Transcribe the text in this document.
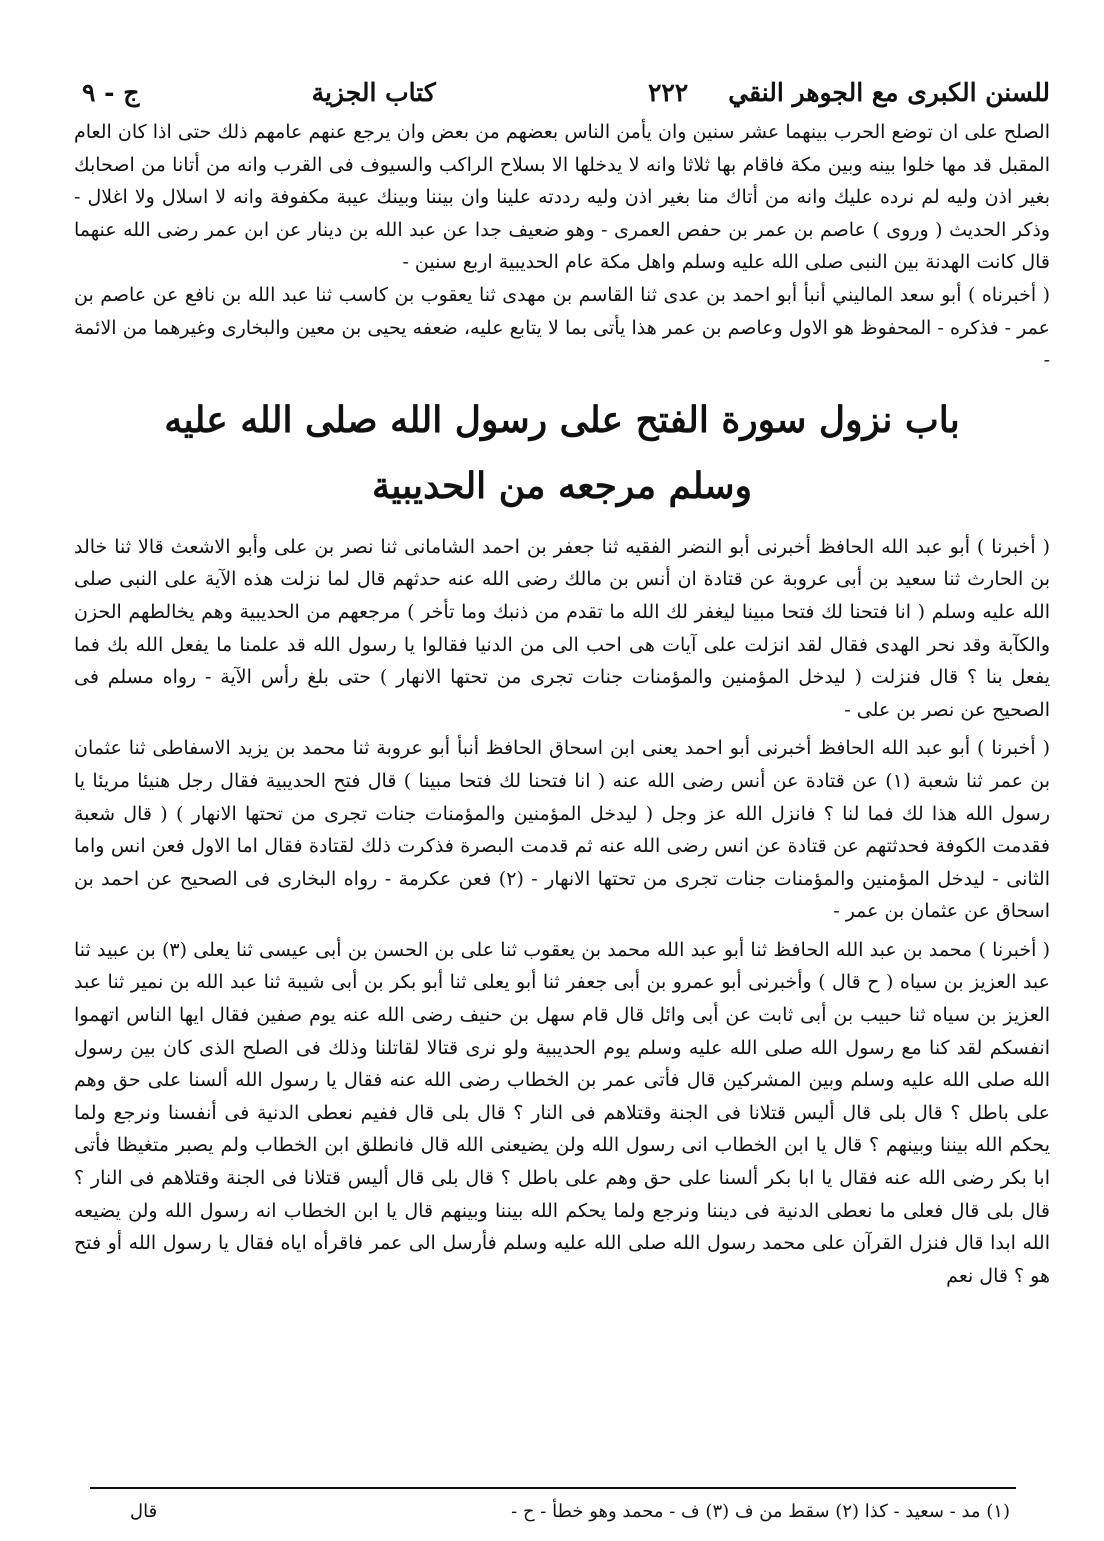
للسنن الكبرى مع الجوهر النقي
٢٢٢
كتاب الجزية
ج - ٩

الصلح على ان توضع الحرب بينهما عشر سنين وان يأمن الناس بعضهم من بعض وان يرجع عنهم عامهم ذلك حتى اذا كان العام المقبل قد مها خلوا بينه وبين مكة فاقام بها ثلاثا وانه لا يدخلها الا بسلاح الراكب والسيوف فى القرب وانه من أتانا من اصحابك بغير اذن وليه لم نرده عليك وانه من أتاك منا بغير اذن وليه رددته علينا وان بيننا وبينك عيبة مكفوفة وانه لا اسلال ولا اغلال - وذكر الحديث ( وروى ) عاصم بن عمر بن حفص العمرى - وهو ضعيف جدا عن عبد الله بن دينار عن ابن عمر رضى الله عنهما قال كانت الهدنة بين النبى صلى الله عليه وسلم واهل مكة عام الحديبية اربع سنين -

( أخبرناه ) أبو سعد الماليني أنبأ أبو احمد بن عدى ثنا القاسم بن مهدى ثنا يعقوب بن كاسب ثنا عبد الله بن نافع عن عاصم بن عمر - فذكره - المحفوظ هو الاول وعاصم بن عمر هذا يأتى بما لا يتابع عليه، ضعفه يحيى بن معين والبخارى وغيرهما من الائمة -

باب نزول سورة الفتح على رسول الله صلى الله عليه
وسلم مرجعه من الحديبية

( أخبرنا ) أبو عبد الله الحافظ أخبرنى أبو النضر الفقيه ثنا جعفر بن احمد الشامانى ثنا نصر بن على وأبو الاشعث قالا ثنا خالد بن الحارث ثنا سعيد بن أبى عروبة عن قتادة ان أنس بن مالك رضى الله عنه حدثهم قال لما نزلت هذه الآية على النبى صلى الله عليه وسلم ( انا فتحنا لك فتحا مبينا ليغفر لك الله ما تقدم من ذنبك وما تأخر ) مرجعهم من الحديبية وهم يخالطهم الحزن والكآبة وقد نحر الهدى فقال لقد انزلت على آيات هى احب الى من الدنيا فقالوا يا رسول الله قد علمنا ما يفعل الله بك فما يفعل بنا ؟ قال فنزلت ( ليدخل المؤمنين والمؤمنات جنات تجرى من تحتها الانهار ) حتى بلغ رأس الآية - رواه مسلم فى الصحيح عن نصر بن على -

( أخبرنا ) أبو عبد الله الحافظ أخبرنى أبو احمد يعنى ابن اسحاق الحافظ أنبأ أبو عروبة ثنا محمد بن يزيد الاسفاطى ثنا عثمان بن عمر ثنا شعبة (١) عن قتادة عن أنس رضى الله عنه ( انا فتحنا لك فتحا مبينا ) قال فتح الحديبية فقال رجل هنيئا مريئا يا رسول الله هذا لك فما لنا ؟ فانزل الله عز وجل ( ليدخل المؤمنين والمؤمنات جنات تجرى من تحتها الانهار ) ( قال شعبة فقدمت الكوفة فحدثتهم عن قتادة عن انس رضى الله عنه ثم قدمت البصرة فذكرت ذلك لقتادة فقال اما الاول فعن انس واما الثانى - ليدخل المؤمنين والمؤمنات جنات تجرى من تحتها الانهار - (٢) فعن عكرمة - رواه البخارى فى الصحيح عن احمد بن اسحاق عن عثمان بن عمر -

( أخبرنا ) محمد بن عبد الله الحافظ ثنا أبو عبد الله محمد بن يعقوب ثنا على بن الحسن بن أبى عيسى ثنا يعلى (٣) بن عبيد ثنا عبد العزيز بن سياه ( ح قال ) وأخبرنى أبو عمرو بن أبى جعفر ثنا أبو يعلى ثنا أبو بكر بن أبى شيبة ثنا عبد الله بن نمير ثنا عبد العزيز بن سياه ثنا حبيب بن أبى ثابت عن أبى وائل قال قام سهل بن حنيف رضى الله عنه يوم صفين فقال ايها الناس اتهموا انفسكم لقد كنا مع رسول الله صلى الله عليه وسلم يوم الحديبية ولو نرى قتالا لقاتلنا وذلك فى الصلح الذى كان بين رسول الله صلى الله عليه وسلم وبين المشركين قال فأتى عمر بن الخطاب رضى الله عنه فقال يا رسول الله ألسنا على حق وهم على باطل ؟ قال بلى قال أليس قتلانا فى الجنة وقتلاهم فى النار ؟ قال بلى قال ففيم نعطى الدنية فى أنفسنا ونرجع ولما يحكم الله بيننا وبينهم ؟ قال يا ابن الخطاب انى رسول الله ولن يضيعنى الله قال فانطلق ابن الخطاب ولم يصبر متغيظا فأتى ابا بكر رضى الله عنه فقال يا ابا بكر ألسنا على حق وهم على باطل ؟ قال بلى قال أليس قتلانا فى الجنة وقتلاهم فى النار ؟ قال بلى قال فعلى ما نعطى الدنية فى ديننا ونرجع ولما يحكم الله بيننا وبينهم قال يا ابن الخطاب انه رسول الله ولن يضيعه الله ابدا قال فنزل القرآن على محمد رسول الله صلى الله عليه وسلم فأرسل الى عمر فاقرأه اياه فقال يا رسول الله أو فتح هو ؟ قال نعم

(١) مد - سعيد - كذا (٢) سقط من ف (٣) ف - محمد وهو خطأ - ح -
قال
